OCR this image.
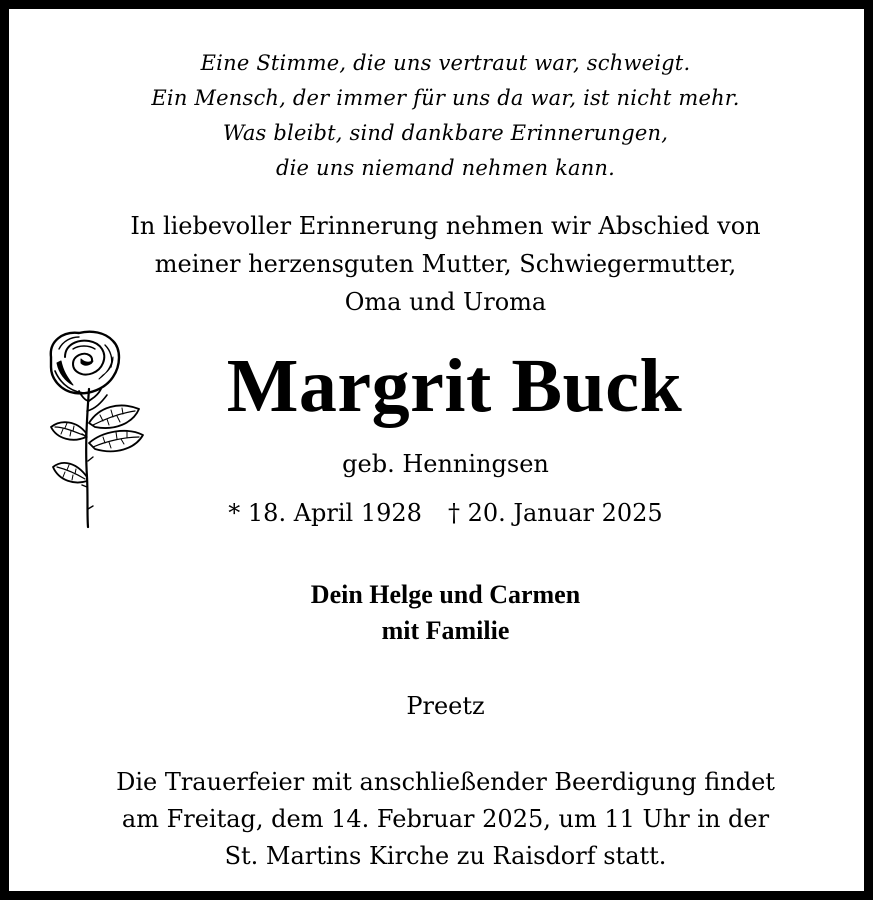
Eine Stimme, die uns vertraut war, schweigt.
Ein Mensch, der immer für uns da war, ist nicht mehr.
Was bleibt, sind dankbare Erinnerungen,
die uns niemand nehmen kann.
In liebevoller Erinnerung nehmen wir Abschied von
meiner herzensguten Mutter, Schwiegermutter,
Oma und Uroma
Margrit Buck
geb. Henningsen
* 18. April 1928 † 20. Januar 2025
Dein Helge und Carmen
mit Familie
Preetz
Die Trauerfeier mit anschließender Beerdigung findet
am Freitag, dem 14. Februar 2025, um 11 Uhr in der
St. Martins Kirche zu Raisdorf statt.
